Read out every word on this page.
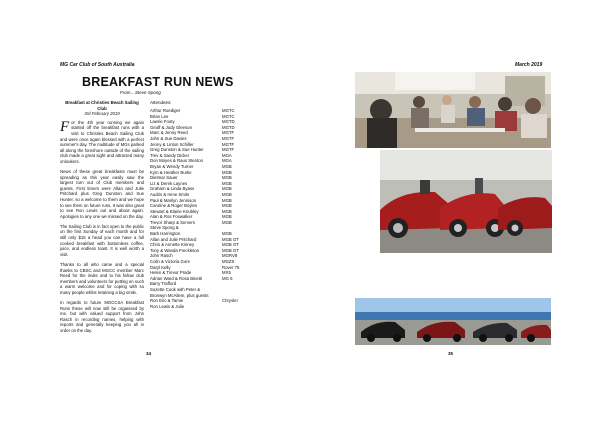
MG Car Club of South Australia
BREAKFAST RUN NEWS
From…Steve Spong
Breakfast at Christies Beach Sailing Club
3rd February 2019

For the 4th year running we again started off the breakfast runs with a visit to Christies Beach Sailing Club and were once again blessed with a perfect summer's day. The multitude of MGs parked all along the foreshore outside of the sailing club made a great sight and attracted many onlookers.

News of these great breakfasts must be spreading as this year easily saw the largest turn out of Club members and guests. First timers were Allan and Julie Pritchard plus Greg Dunston and Sue Hunter, so a welcome to them and we hope to see them on future runs. It was also great to see Ron Lewis out and about again. Apologies to any one we missed on the day.

The Sailing Club is in fact open to the public on the first Sunday of each month and for still only $15 a head you can have a full cooked breakfast with bottomless coffee, juice, and endless toast. It is well worth a visit.

Thanks to all who came and a special thanks to CBSC and MGCC member Marc Reed for the invite and to his fellow club members and volunteers for putting on such a warm welcome and for coping with so many people whilst retaining a big smile.

In regards to future MGCCSA Breakfast Runs these will now still be organised by me, but with valued support from John Rasch in recording names, helping with reports and generally keeping you all in order on the day.

Attendees:
Arthur Ruediger	MGTC
Brian Lee	MGTC
Lawrie Footy	MGTD
Geoff & Judy Gleeson	MGTD
Marc & Jenny Reed	MGTF
John & Sue Davies	MGTF
Jenny & Linton Schiller	MGTF
Greg Dunston & Sue Hunter	MGTF
Trev & Sandy Dicker	MGA
Don Moyes & Raus Stenton	MGA
Bryan & Wendy Turner	MGB
Kym & Heather Burke	MGB
Dietmar Sauer	MGB
Liz & Derek Laynes	MGB
Graham & Linda Byass	MGB
Audris & Irene Smits	MGB
Paul & Marilyn Jennison	MGB
Caroline & Roger Boylen	MGB
Stewart & Elaine Knubley	MGB
Alan & Ros Foxwalker	MGB
Trevor Sharp & Servers	MGB
Steve Spong &
Barb Harrington	MGB
Allan and Julie Pritchard	MGB GT
Chris & Annette Kinney	MGB GT
Tony & Wanda Freckleton	MGB GT
John Rasch	MGRV8
Colin & Victoria Gore	MGZS
Daryl Kelly	Rover 75
Helen & Trevor Prade	MX5
Adrian Ward & Rosa Binetti	MG 6
Barry Trafford
Suzette Cook with Peter &
Bronwyn McAllem, plus guests
Ron Eric & Tamie	Chrysler
Ron Lewis & Julie
34
March 2019
35
